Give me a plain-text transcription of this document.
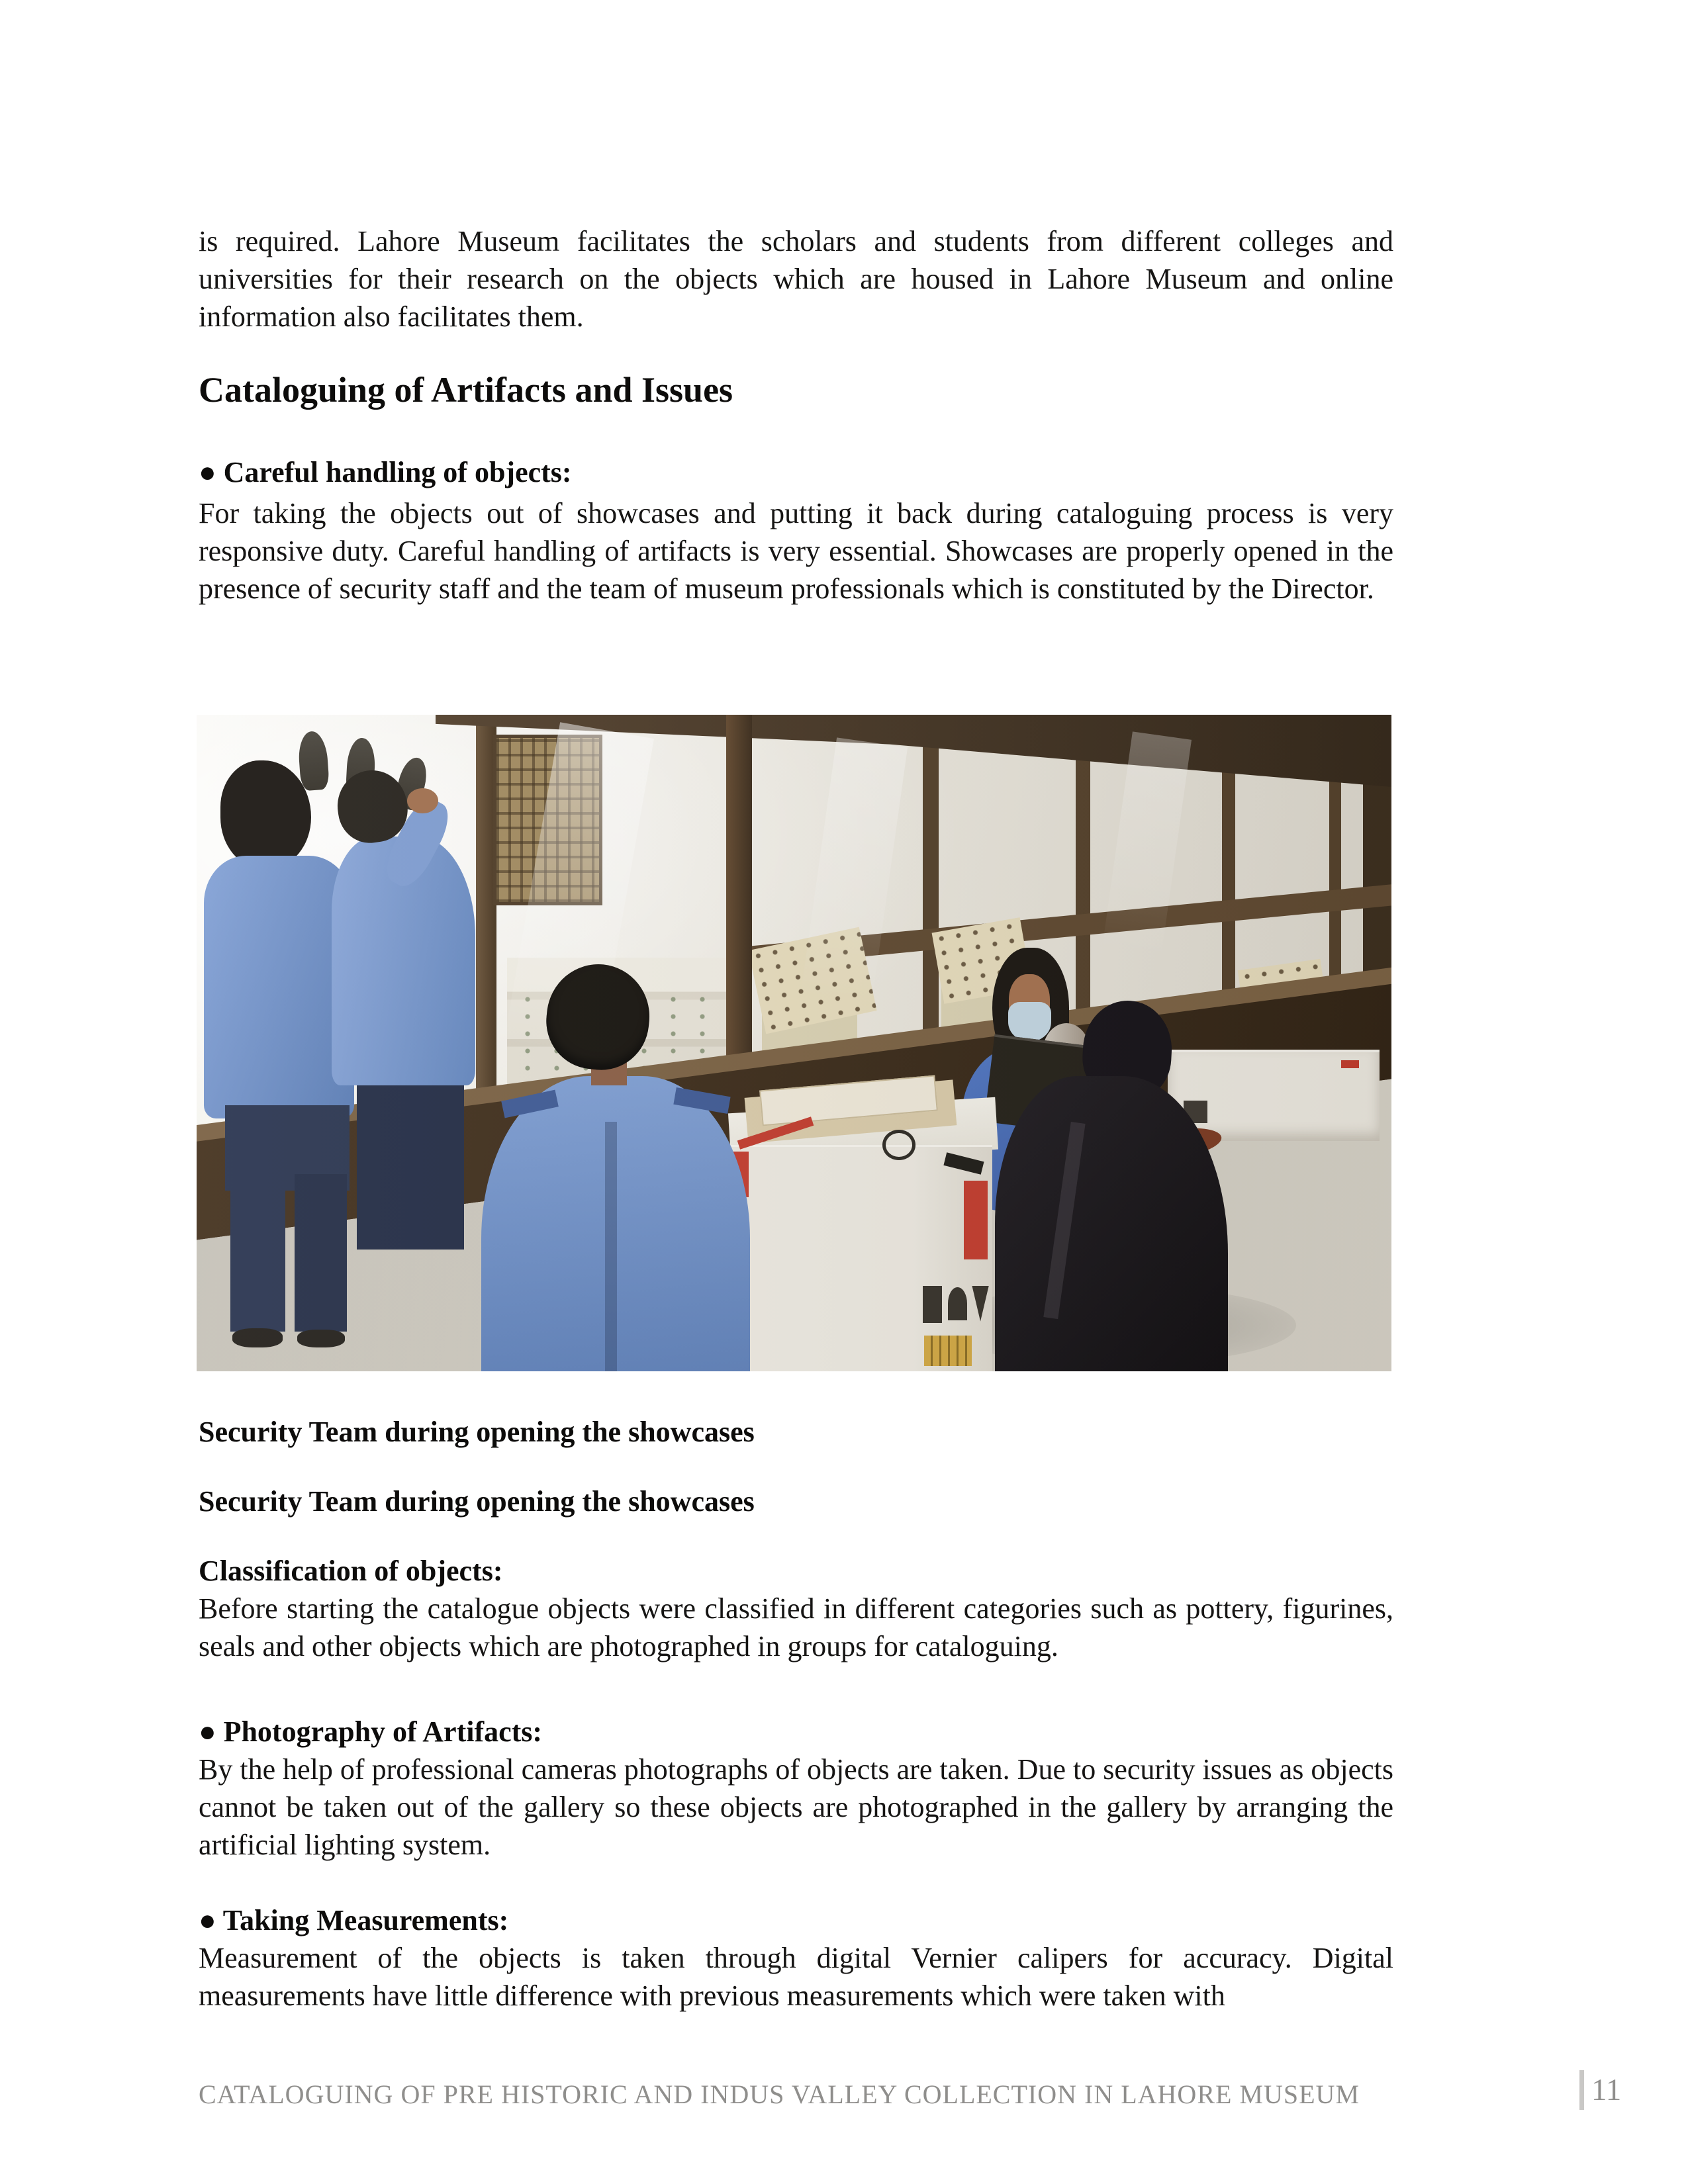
is required. Lahore Museum facilitates the scholars and students from different colleges and universities for their research on the objects which are housed in Lahore Museum and online information also facilitates them.

Cataloguing of Artifacts and Issues

● Careful handling of objects:

For taking the objects out of showcases and putting it back during cataloguing process is very responsive duty. Careful handling of artifacts is very essential. Showcases are properly opened in the presence of security staff and the team of museum professionals which is constituted by the Director.

Security Team during opening the showcases

Security Team during opening the showcases

Classification of objects:

Before starting the catalogue objects were classified in different categories such as pottery, figurines, seals and other objects which are photographed in groups for cataloguing.

● Photography of Artifacts:

By the help of professional cameras photographs of objects are taken. Due to security issues as objects cannot be taken out of the gallery so these objects are photographed in the gallery by arranging the artificial lighting system.

● Taking Measurements:

Measurement of the objects is taken through digital Vernier calipers for accuracy. Digital measurements have little difference with previous measurements which were taken with

CATALOGUING OF PRE HISTORIC AND INDUS VALLEY COLLECTION IN LAHORE MUSEUM	11
